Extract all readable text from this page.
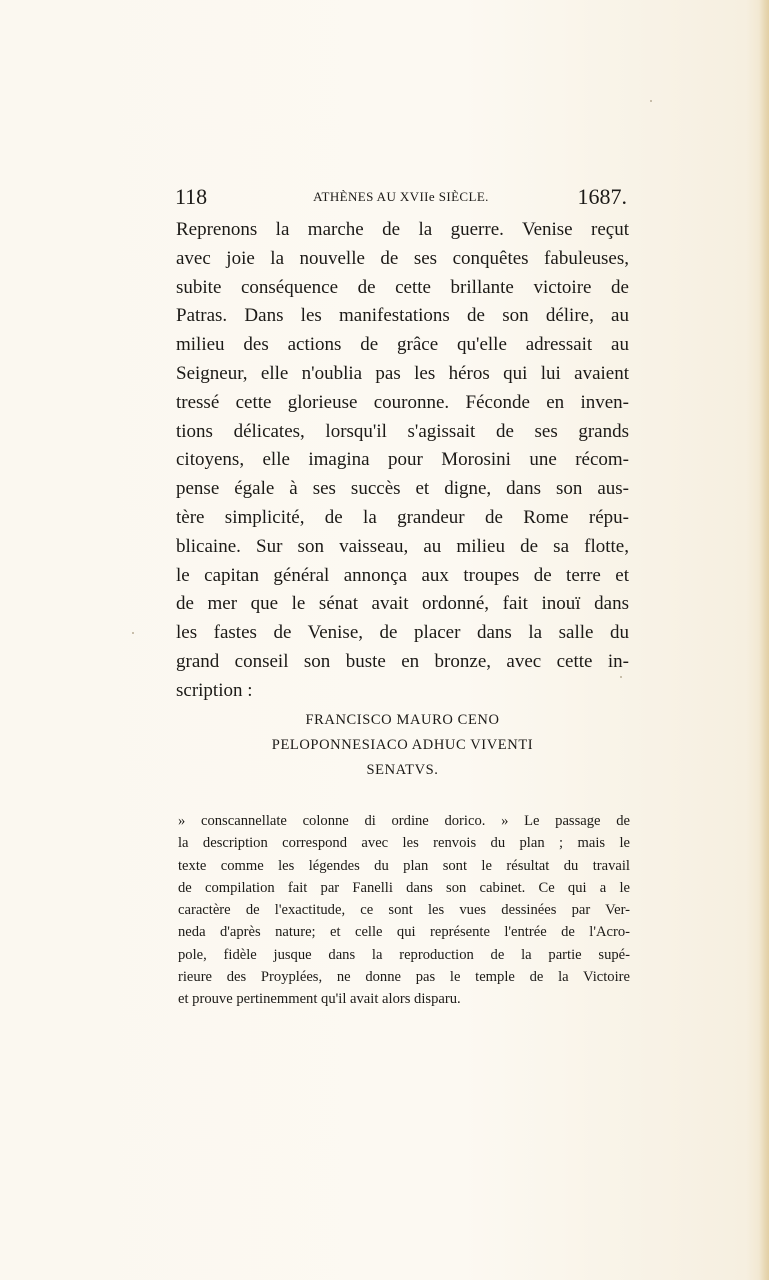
118	ATHÈNES AU XVIIe SIÈCLE.	1687.
Reprenons la marche de la guerre. Venise reçut
avec joie la nouvelle de ses conquêtes fabuleuses,
subite conséquence de cette brillante victoire de
Patras. Dans les manifestations de son délire, au
milieu des actions de grâce qu'elle adressait au
Seigneur, elle n'oublia pas les héros qui lui avaient
tressé cette glorieuse couronne. Féconde en inven-
tions délicates, lorsqu'il s'agissait de ses grands
citoyens, elle imagina pour Morosini une récom-
pense égale à ses succès et digne, dans son aus-
tère simplicité, de la grandeur de Rome répu-
blicaine. Sur son vaisseau, au milieu de sa flotte,
le capitan général annonça aux troupes de terre et
de mer que le sénat avait ordonné, fait inouï dans
les fastes de Venise, de placer dans la salle du
grand conseil son buste en bronze, avec cette in-
scription :
FRANCISCO MAURO CENO
PELOPONNESIACO ADHUC VIVENTI
SENATVS.
» conscannellate colonne di ordine dorico. » Le passage de
la description correspond avec les renvois du plan ; mais le
texte comme les légendes du plan sont le résultat du travail
de compilation fait par Fanelli dans son cabinet. Ce qui a le
caractère de l'exactitude, ce sont les vues dessinées par Ver-
neda d'après nature; et celle qui représente l'entrée de l'Acro-
pole, fidèle jusque dans la reproduction de la partie supé-
rieure des Proyplées, ne donne pas le temple de la Victoire
et prouve pertinemment qu'il avait alors disparu.
